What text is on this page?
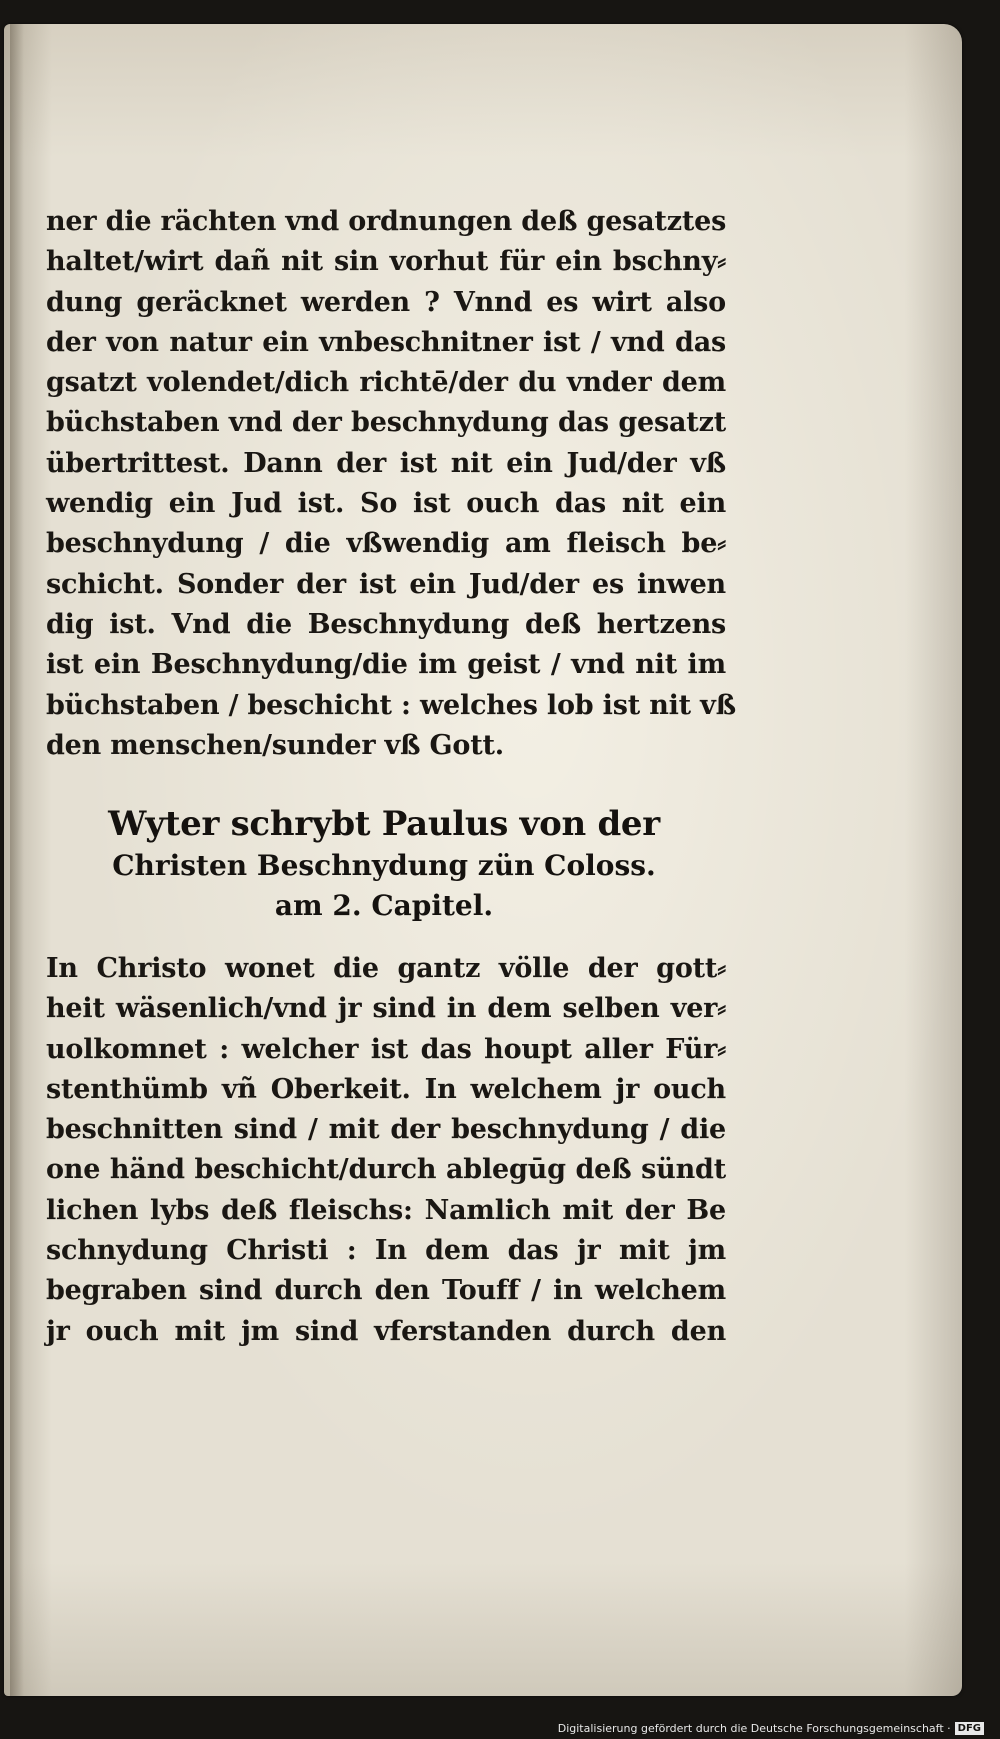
ner die rächten vnd ordnungen deß gesatztes
haltet/wirt dañ nit sin vorhut für ein bschny⸗
dung geräcknet werden ? Vnnd es wirt also
der von natur ein vnbeschnitner ist / vnd das
gsatzt volendet/dich richtē/der du vnder dem
büchstaben vnd der beschnydung das gesatzt
übertrittest. Dann der ist nit ein Jud/der vß
wendig ein Jud ist. So ist ouch das nit ein
beschnydung / die vßwendig am fleisch be⸗
schicht. Sonder der ist ein Jud/der es inwen
dig ist. Vnd die Beschnydung deß hertzens
ist ein Beschnydung/die im geist / vnd nit im
büchstaben / beschicht : welches lob ist nit vß
den menschen/sunder vß Gott.
Wyter schrybt Paulus von der
Christen Beschnydung zün Coloss.
am 2. Capitel.
In Christo wonet die gantz völle der gott⸗
heit wäsenlich/vnd jr sind in dem selben ver⸗
uolkomnet : welcher ist das houpt aller Für⸗
stenthümb vñ Oberkeit. In welchem jr ouch
beschnitten sind / mit der beschnydung / die
one händ beschicht/durch ablegūg deß sündt
lichen lybs deß fleischs: Namlich mit der Be
schnydung Christi : In dem das jr mit jm
begraben sind durch den Touff / in welchem
jr ouch mit jm sind vferstanden durch den
Digitalisierung gefördert durch die Deutsche Forschungsgemeinschaft · DFG
